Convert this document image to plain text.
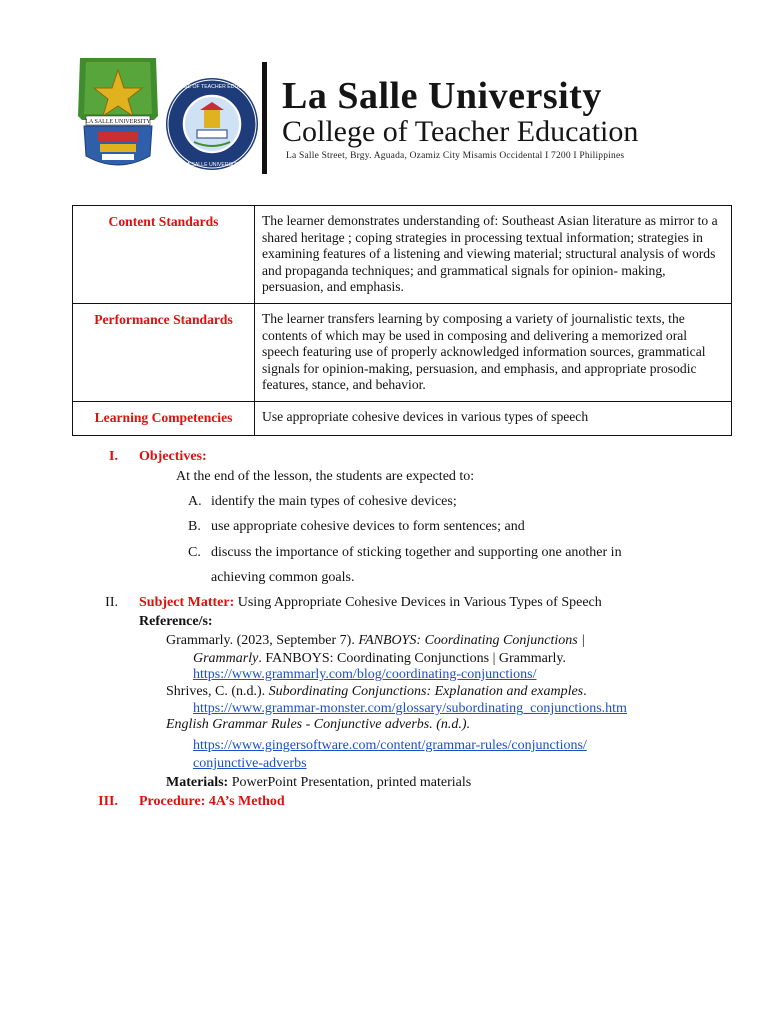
LA SALLE UNIVERSITY
COLLEGE OF TEACHER EDUCATION
LA SALLE UNIVERSITY
La Salle University
College of Teacher Education
La Salle Street, Brgy. Aguada, Ozamiz City Misamis Occidental I 7200 I Philippines
Content Standards	The learner demonstrates understanding of: Southeast Asian literature as mirror to a shared heritage ; coping strategies in processing textual information; strategies in examining features of a listening and viewing material; structural analysis of words and propaganda techniques; and grammatical signals for opinion- making, persuasion, and emphasis.
Performance Standards	The learner transfers learning by composing a variety of journalistic texts, the contents of which may be used in composing and delivering a memorized oral speech featuring use of properly acknowledged information sources, grammatical signals for opinion-making, persuasion, and emphasis, and appropriate prosodic features, stance, and behavior.
Learning Competencies	Use appropriate cohesive devices in various types of speech
I. Objectives:
At the end of the lesson, the students are expected to:
A. identify the main types of cohesive devices;
B. use appropriate cohesive devices to form sentences; and
C. discuss the importance of sticking together and supporting one another in
achieving common goals.
II. Subject Matter: Using Appropriate Cohesive Devices in Various Types of Speech
Reference/s:
Grammarly. (2023, September 7). FANBOYS: Coordinating Conjunctions |
Grammarly. FANBOYS: Coordinating Conjunctions | Grammarly.
https://www.grammarly.com/blog/coordinating-conjunctions/
Shrives, C. (n.d.). Subordinating Conjunctions: Explanation and examples.
https://www.grammar-monster.com/glossary/subordinating_conjunctions.htm
English Grammar Rules - Conjunctive adverbs. (n.d.).
https://www.gingersoftware.com/content/grammar-rules/conjunctions/
conjunctive-adverbs
Materials: PowerPoint Presentation, printed materials
III. Procedure: 4A’s Method
